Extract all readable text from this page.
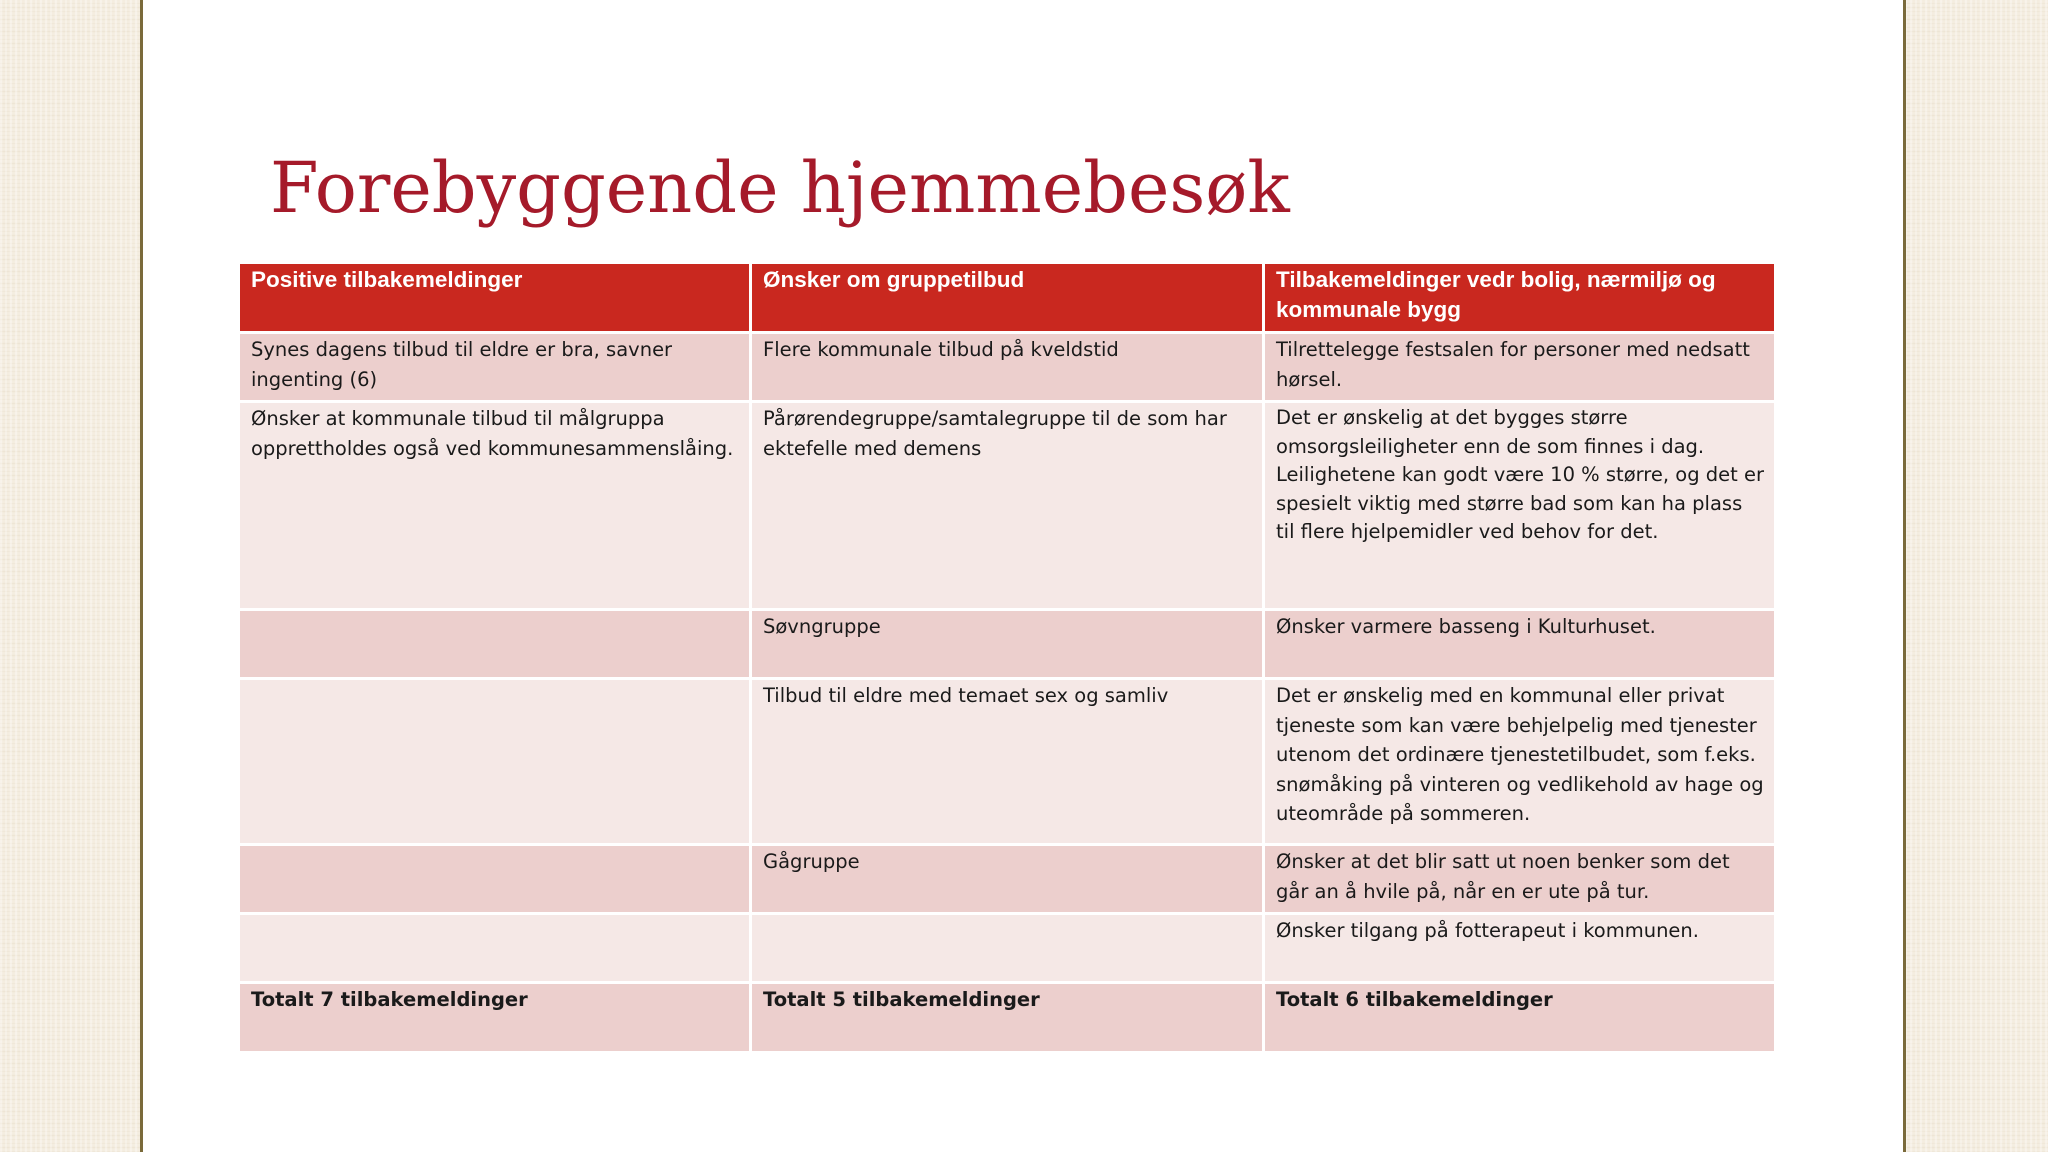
Forebyggende hjemmebesøk
Positive tilbakemeldinger	Ønsker om gruppetilbud	Tilbakemeldinger vedr bolig, nærmiljø og kommunale bygg
Synes dagens tilbud til eldre er bra, savner ingenting (6)	Flere kommunale tilbud på kveldstid	Tilrettelegge festsalen for personer med nedsatt hørsel.
Ønsker at kommunale tilbud til målgruppa opprettholdes også ved kommunesammenslåing.	Pårørendegruppe/samtalegruppe til de som har ektefelle med demens	Det er ønskelig at det bygges større omsorgsleiligheter enn de som finnes i dag. Leilighetene kan godt være 10 % større, og det er spesielt viktig med større bad som kan ha plass til flere hjelpemidler ved behov for det.
	Søvngruppe	Ønsker varmere basseng i Kulturhuset.
	Tilbud til eldre med temaet sex og samliv	Det er ønskelig med en kommunal eller privat tjeneste som kan være behjelpelig med tjenester utenom det ordinære tjenestetilbudet, som f.eks. snømåking på vinteren og vedlikehold av hage og uteområde på sommeren.
	Gågruppe	Ønsker at det blir satt ut noen benker som det går an å hvile på, når en er ute på tur.
		Ønsker tilgang på fotterapeut i kommunen.
Totalt 7 tilbakemeldinger	Totalt 5 tilbakemeldinger	Totalt 6 tilbakemeldinger
